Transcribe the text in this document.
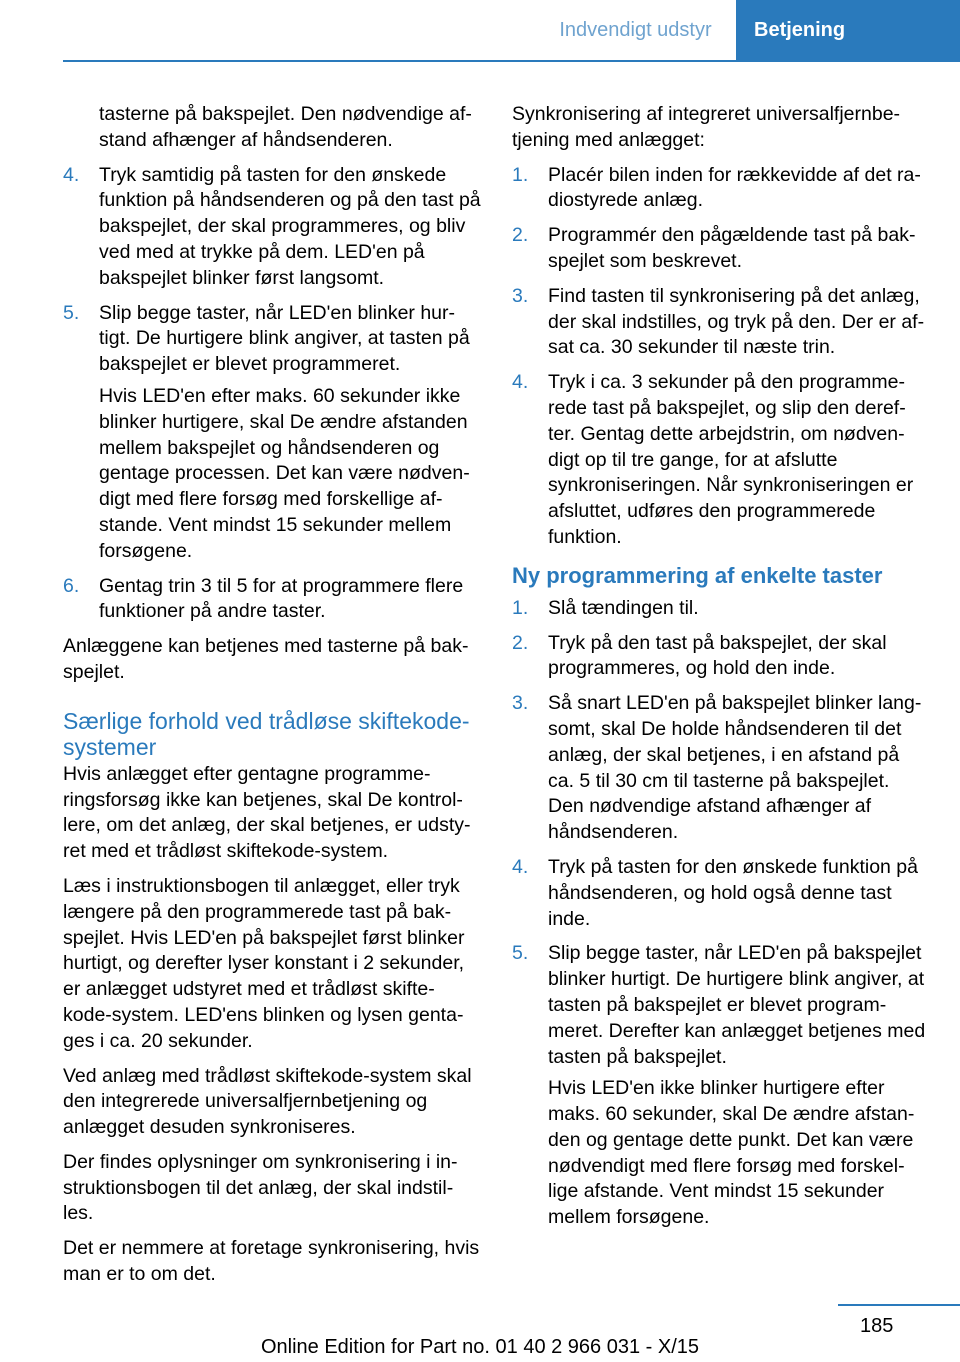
Indvendigt udstyr	Betjening

tasterne på bakspejlet. Den nødvendige af-stand afhænger af håndsenderen.

4. Tryk samtidig på tasten for den ønskede funktion på håndsenderen og på den tast på bakspejlet, der skal programmeres, og bliv ved med at trykke på dem. LED'en på bakspejlet blinker først langsomt.

5. Slip begge taster, når LED'en blinker hur-tigt. De hurtigere blink angiver, at tasten på bakspejlet er blevet programmeret.

Hvis LED'en efter maks. 60 sekunder ikke blinker hurtigere, skal De ændre afstanden mellem bakspejlet og håndsenderen og gentage processen. Det kan være nødven-digt med flere forsøg med forskellige af-stande. Vent mindst 15 sekunder mellem forsøgene.

6. Gentag trin 3 til 5 for at programmere flere funktioner på andre taster.

Anlæggene kan betjenes med tasterne på bak-spejlet.

Særlige forhold ved trådløse skiftekode-systemer

Hvis anlægget efter gentagne programme-ringsforsøg ikke kan betjenes, skal De kontrol-lere, om det anlæg, der skal betjenes, er udsty-ret med et trådløst skiftekode-system.

Læs i instruktionsbogen til anlægget, eller tryk længere på den programmerede tast på bak-spejlet. Hvis LED'en på bakspejlet først blinker hurtigt, og derefter lyser konstant i 2 sekunder, er anlægget udstyret med et trådløst skifte-kode-system. LED'ens blinken og lysen genta-ges i ca. 20 sekunder.

Ved anlæg med trådløst skiftekode-system skal den integrerede universalfjernbetjening og anlægget desuden synkroniseres.

Der findes oplysninger om synkronisering i in-struktionsbogen til det anlæg, der skal indstil-les.

Det er nemmere at foretage synkronisering, hvis man er to om det.

Synkronisering af integreret universalfjernbe-tjening med anlægget:

1. Placér bilen inden for rækkevidde af det ra-diostyrede anlæg.

2. Programmér den pågældende tast på bak-spejlet som beskrevet.

3. Find tasten til synkronisering på det anlæg, der skal indstilles, og tryk på den. Der er af-sat ca. 30 sekunder til næste trin.

4. Tryk i ca. 3 sekunder på den programme-rede tast på bakspejlet, og slip den deref-ter. Gentag dette arbejdstrin, om nødven-digt op til tre gange, for at afslutte synkroniseringen. Når synkroniseringen er afsluttet, udføres den programmerede funktion.

Ny programmering af enkelte taster
1. Slå tændingen til.

2. Tryk på den tast på bakspejlet, der skal programmeres, og hold den inde.

3. Så snart LED'en på bakspejlet blinker lang-somt, skal De holde håndsenderen til det anlæg, der skal betjenes, i en afstand på ca. 5 til 30 cm til tasterne på bakspejlet. Den nødvendige afstand afhænger af håndsenderen.

4. Tryk på tasten for den ønskede funktion på håndsenderen, og hold også denne tast inde.

5. Slip begge taster, når LED'en på bakspejlet blinker hurtigt. De hurtigere blink angiver, at tasten på bakspejlet er blevet program-meret. Derefter kan anlægget betjenes med tasten på bakspejlet.

Hvis LED'en ikke blinker hurtigere efter maks. 60 sekunder, skal De ændre afstan-den og gentage dette punkt. Det kan være nødvendigt med flere forsøg med forskel-lige afstande. Vent mindst 15 sekunder mellem forsøgene.

185
Online Edition for Part no. 01 40 2 966 031 - X/15
